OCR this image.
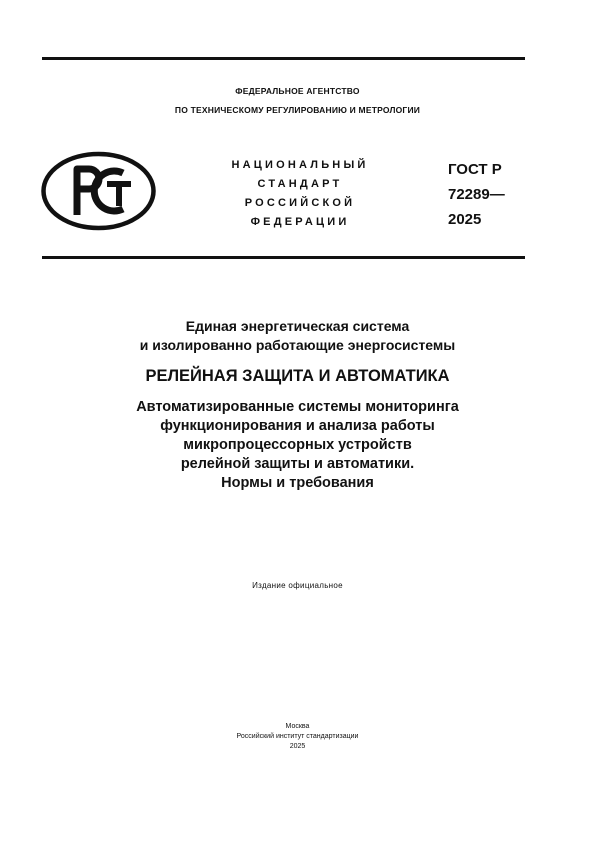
ФЕДЕРАЛЬНОЕ АГЕНТСТВО
ПО ТЕХНИЧЕСКОМУ РЕГУЛИРОВАНИЮ И МЕТРОЛОГИИ
НАЦИОНАЛЬНЫЙ
СТАНДАРТ
РОССИЙСКОЙ
ФЕДЕРАЦИИ
ГОСТ Р
72289—
2025
Единая энергетическая система
и изолированно работающие энергосистемы
РЕЛЕЙНАЯ ЗАЩИТА И АВТОМАТИКА
Автоматизированные системы мониторинга
функционирования и анализа работы
микропроцессорных устройств
релейной защиты и автоматики.
Нормы и требования
Издание официальное
Москва
Российский институт стандартизации
2025
